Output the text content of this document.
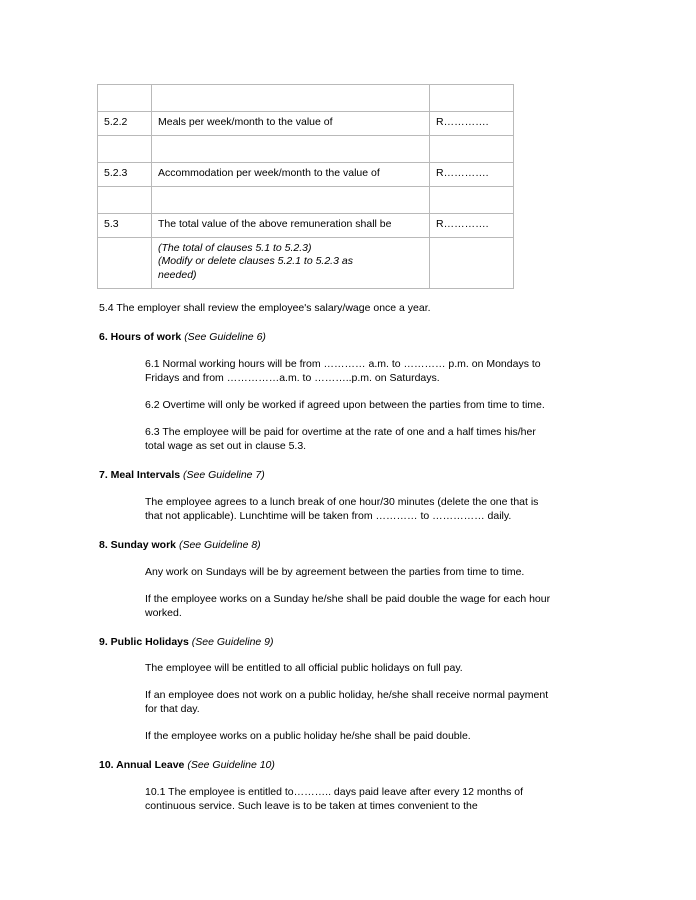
5.2.2	Meals per week/month to the value of	R………….

5.2.3	Accommodation per week/month to the value of	R………….

5.3	The total value of the above remuneration shall be	R………….

	(The total of clauses 5.1 to 5.2.3)
(Modify or delete clauses 5.2.1 to 5.2.3 as
needed)	

5.4 The employer shall review the employee's salary/wage once a year.

6. Hours of work (See Guideline 6)

6.1 Normal working hours will be from ………… a.m. to ………… p.m. on Mondays to Fridays and from ……………a.m. to ………..p.m. on Saturdays.

6.2 Overtime will only be worked if agreed upon between the parties from time to time.

6.3 The employee will be paid for overtime at the rate of one and a half times his/her total wage as set out in clause 5.3.

7. Meal Intervals (See Guideline 7)

The employee agrees to a lunch break of one hour/30 minutes (delete the one that is that not applicable). Lunchtime will be taken from ………… to …………… daily.

8. Sunday work (See Guideline 8)

Any work on Sundays will be by agreement between the parties from time to time.

If the employee works on a Sunday he/she shall be paid double the wage for each hour worked.

9. Public Holidays (See Guideline 9)

The employee will be entitled to all official public holidays on full pay.

If an employee does not work on a public holiday, he/she shall receive normal payment for that day.

If the employee works on a public holiday he/she shall be paid double.

10. Annual Leave (See Guideline 10)

10.1 The employee is entitled to……….. days paid leave after every 12 months of continuous service. Such leave is to be taken at times convenient to the
